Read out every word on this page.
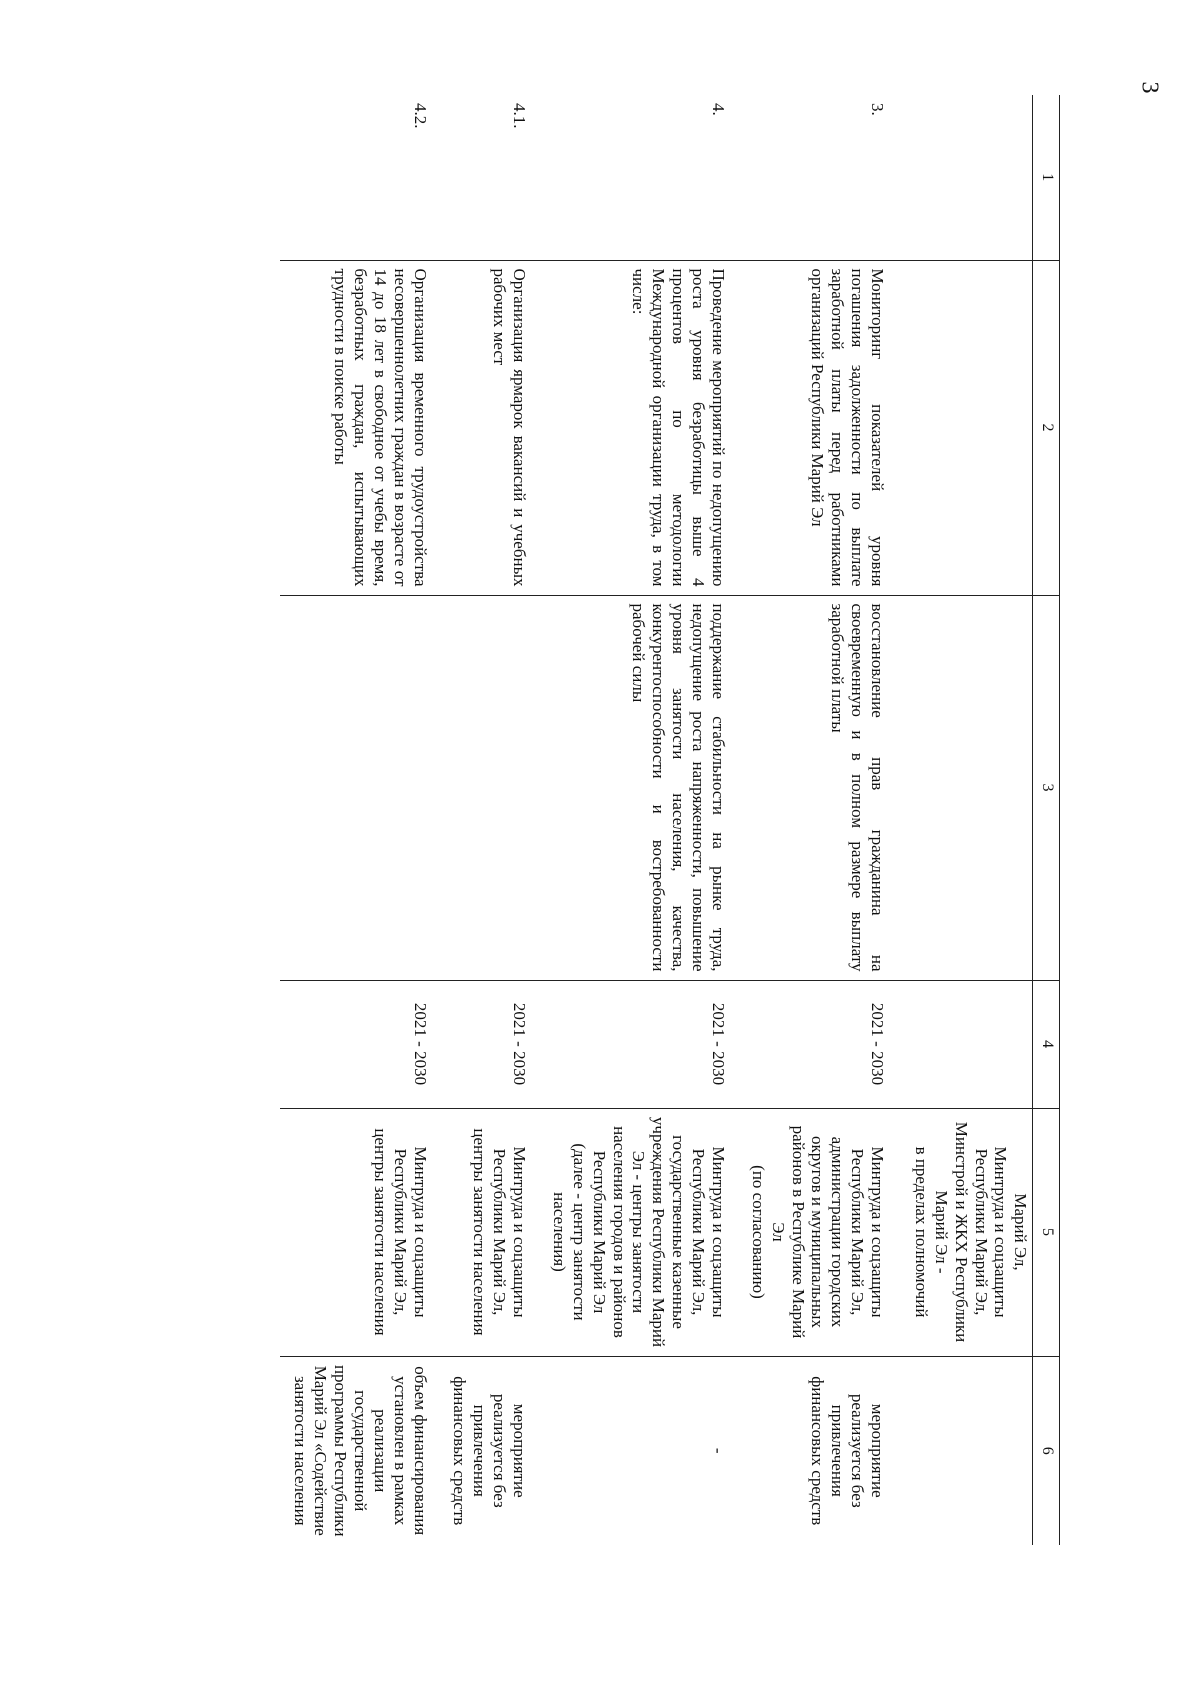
3
1	2	3	4	5	6
				Марий Эл,
Минтруда и соцзащиты Республики Марий Эл,
Минстрой и ЖКХ Республики Марий Эл -
в пределах полномочий	
3.	Мониторинг показателей уровня погашения задолженности по выплате заработной платы перед работниками организаций Республики Марий Эл	восстановление прав гражданина на своевременную и в полном размере выплату заработной платы	2021 - 2030	Минтруда и соцзащиты Республики Марий Эл,
администрации городских округов и муниципальных районов в Республике Марий Эл
(по согласованию)	мероприятие реализуется без привлечения финансовых средств
4.	Проведение мероприятий по недопущению роста уровня безработицы выше 4 процентов по методологии Международной организации труда, в том числе:	поддержание стабильности на рынке труда, недопущение роста напряженности, повышение уровня занятости населения, качества, конкурентоспособности и востребованности рабочей силы	2021 - 2030	Минтруда и соцзащиты Республики Марий Эл,
государственные казенные учреждения Республики Марий Эл - центры занятости населения городов и районов Республики Марий Эл
(далее - центр занятости населения)	-
4.1.	Организация ярмарок вакансий и учебных рабочих мест		2021 - 2030	Минтруда и соцзащиты Республики Марий Эл,
центры занятости населения	мероприятие реализуется без привлечения финансовых средств
4.2.	Организация временного трудоустройства несовершеннолетних граждан в возрасте от 14 до 18 лет в свободное от учебы время, безработных граждан, испытывающих трудности в поиске работы		2021 - 2030	Минтруда и соцзащиты Республики Марий Эл,
центры занятости населения	объем финансирования установлен в рамках реализации государственной программы Республики Марий Эл «Содействие занятости населения
